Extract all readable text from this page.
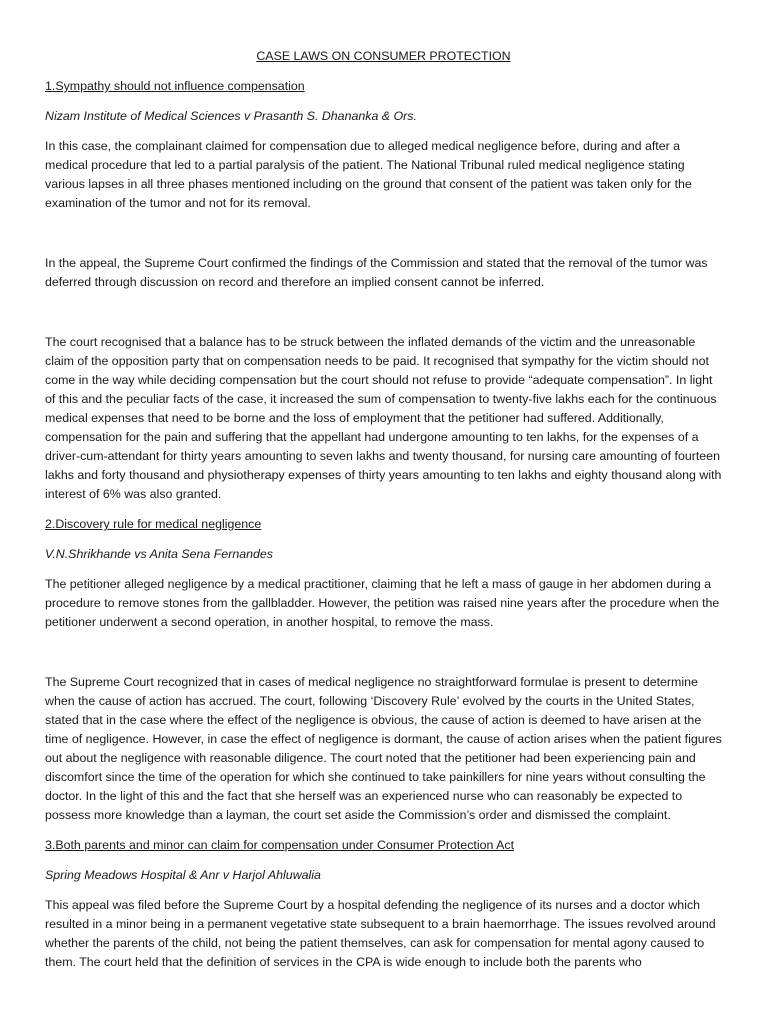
CASE LAWS ON CONSUMER PROTECTION
1.Sympathy should not influence compensation
Nizam Institute of Medical Sciences v Prasanth S. Dhananka & Ors.

In this case, the complainant claimed for compensation due to alleged medical negligence before, during and after a medical procedure that led to a partial paralysis of the patient. The National Tribunal ruled medical negligence stating various lapses in all three phases mentioned including on the ground that consent of the patient was taken only for the examination of the tumor and not for its removal.

In the appeal, the Supreme Court confirmed the findings of the Commission and stated that the removal of the tumor was deferred through discussion on record and therefore an implied consent cannot be inferred.

The court recognised that a balance has to be struck between the inflated demands of the victim and the unreasonable claim of the opposition party that on compensation needs to be paid. It recognised that sympathy for the victim should not come in the way while deciding compensation but the court should not refuse to provide “adequate compensation”. In light of this and the peculiar facts of the case, it increased the sum of compensation to twenty-five lakhs each for the continuous medical expenses that need to be borne and the loss of employment that the petitioner had suffered. Additionally, compensation for the pain and suffering that the appellant had undergone amounting to ten lakhs, for the expenses of a driver-cum-attendant for thirty years amounting to seven lakhs and twenty thousand, for nursing care amounting of fourteen lakhs and forty thousand and physiotherapy expenses of thirty years amounting to ten lakhs and eighty thousand along with interest of 6% was also granted.

2.Discovery rule for medical negligence
V.N.Shrikhande vs Anita Sena Fernandes

The petitioner alleged negligence by a medical practitioner, claiming that he left a mass of gauge in her abdomen during a procedure to remove stones from the gallbladder. However, the petition was raised nine years after the procedure when the petitioner underwent a second operation, in another hospital, to remove the mass.

The Supreme Court recognized that in cases of medical negligence no straightforward formulae is present to determine when the cause of action has accrued. The court, following ‘Discovery Rule’ evolved by the courts in the United States, stated that in the case where the effect of the negligence is obvious, the cause of action is deemed to have arisen at the time of negligence. However, in case the effect of negligence is dormant, the cause of action arises when the patient figures out about the negligence with reasonable diligence. The court noted that the petitioner had been experiencing pain and discomfort since the time of the operation for which she continued to take painkillers for nine years without consulting the doctor. In the light of this and the fact that she herself was an experienced nurse who can reasonably be expected to possess more knowledge than a layman, the court set aside the Commission’s order and dismissed the complaint.

3.Both parents and minor can claim for compensation under Consumer Protection Act
Spring Meadows Hospital & Anr v Harjol Ahluwalia

This appeal was filed before the Supreme Court by a hospital defending the negligence of its nurses and a doctor which resulted in a minor being in a permanent vegetative state subsequent to a brain haemorrhage. The issues revolved around whether the parents of the child, not being the patient themselves, can ask for compensation for mental agony caused to them. The court held that the definition of services in the CPA is wide enough to include both the parents who
